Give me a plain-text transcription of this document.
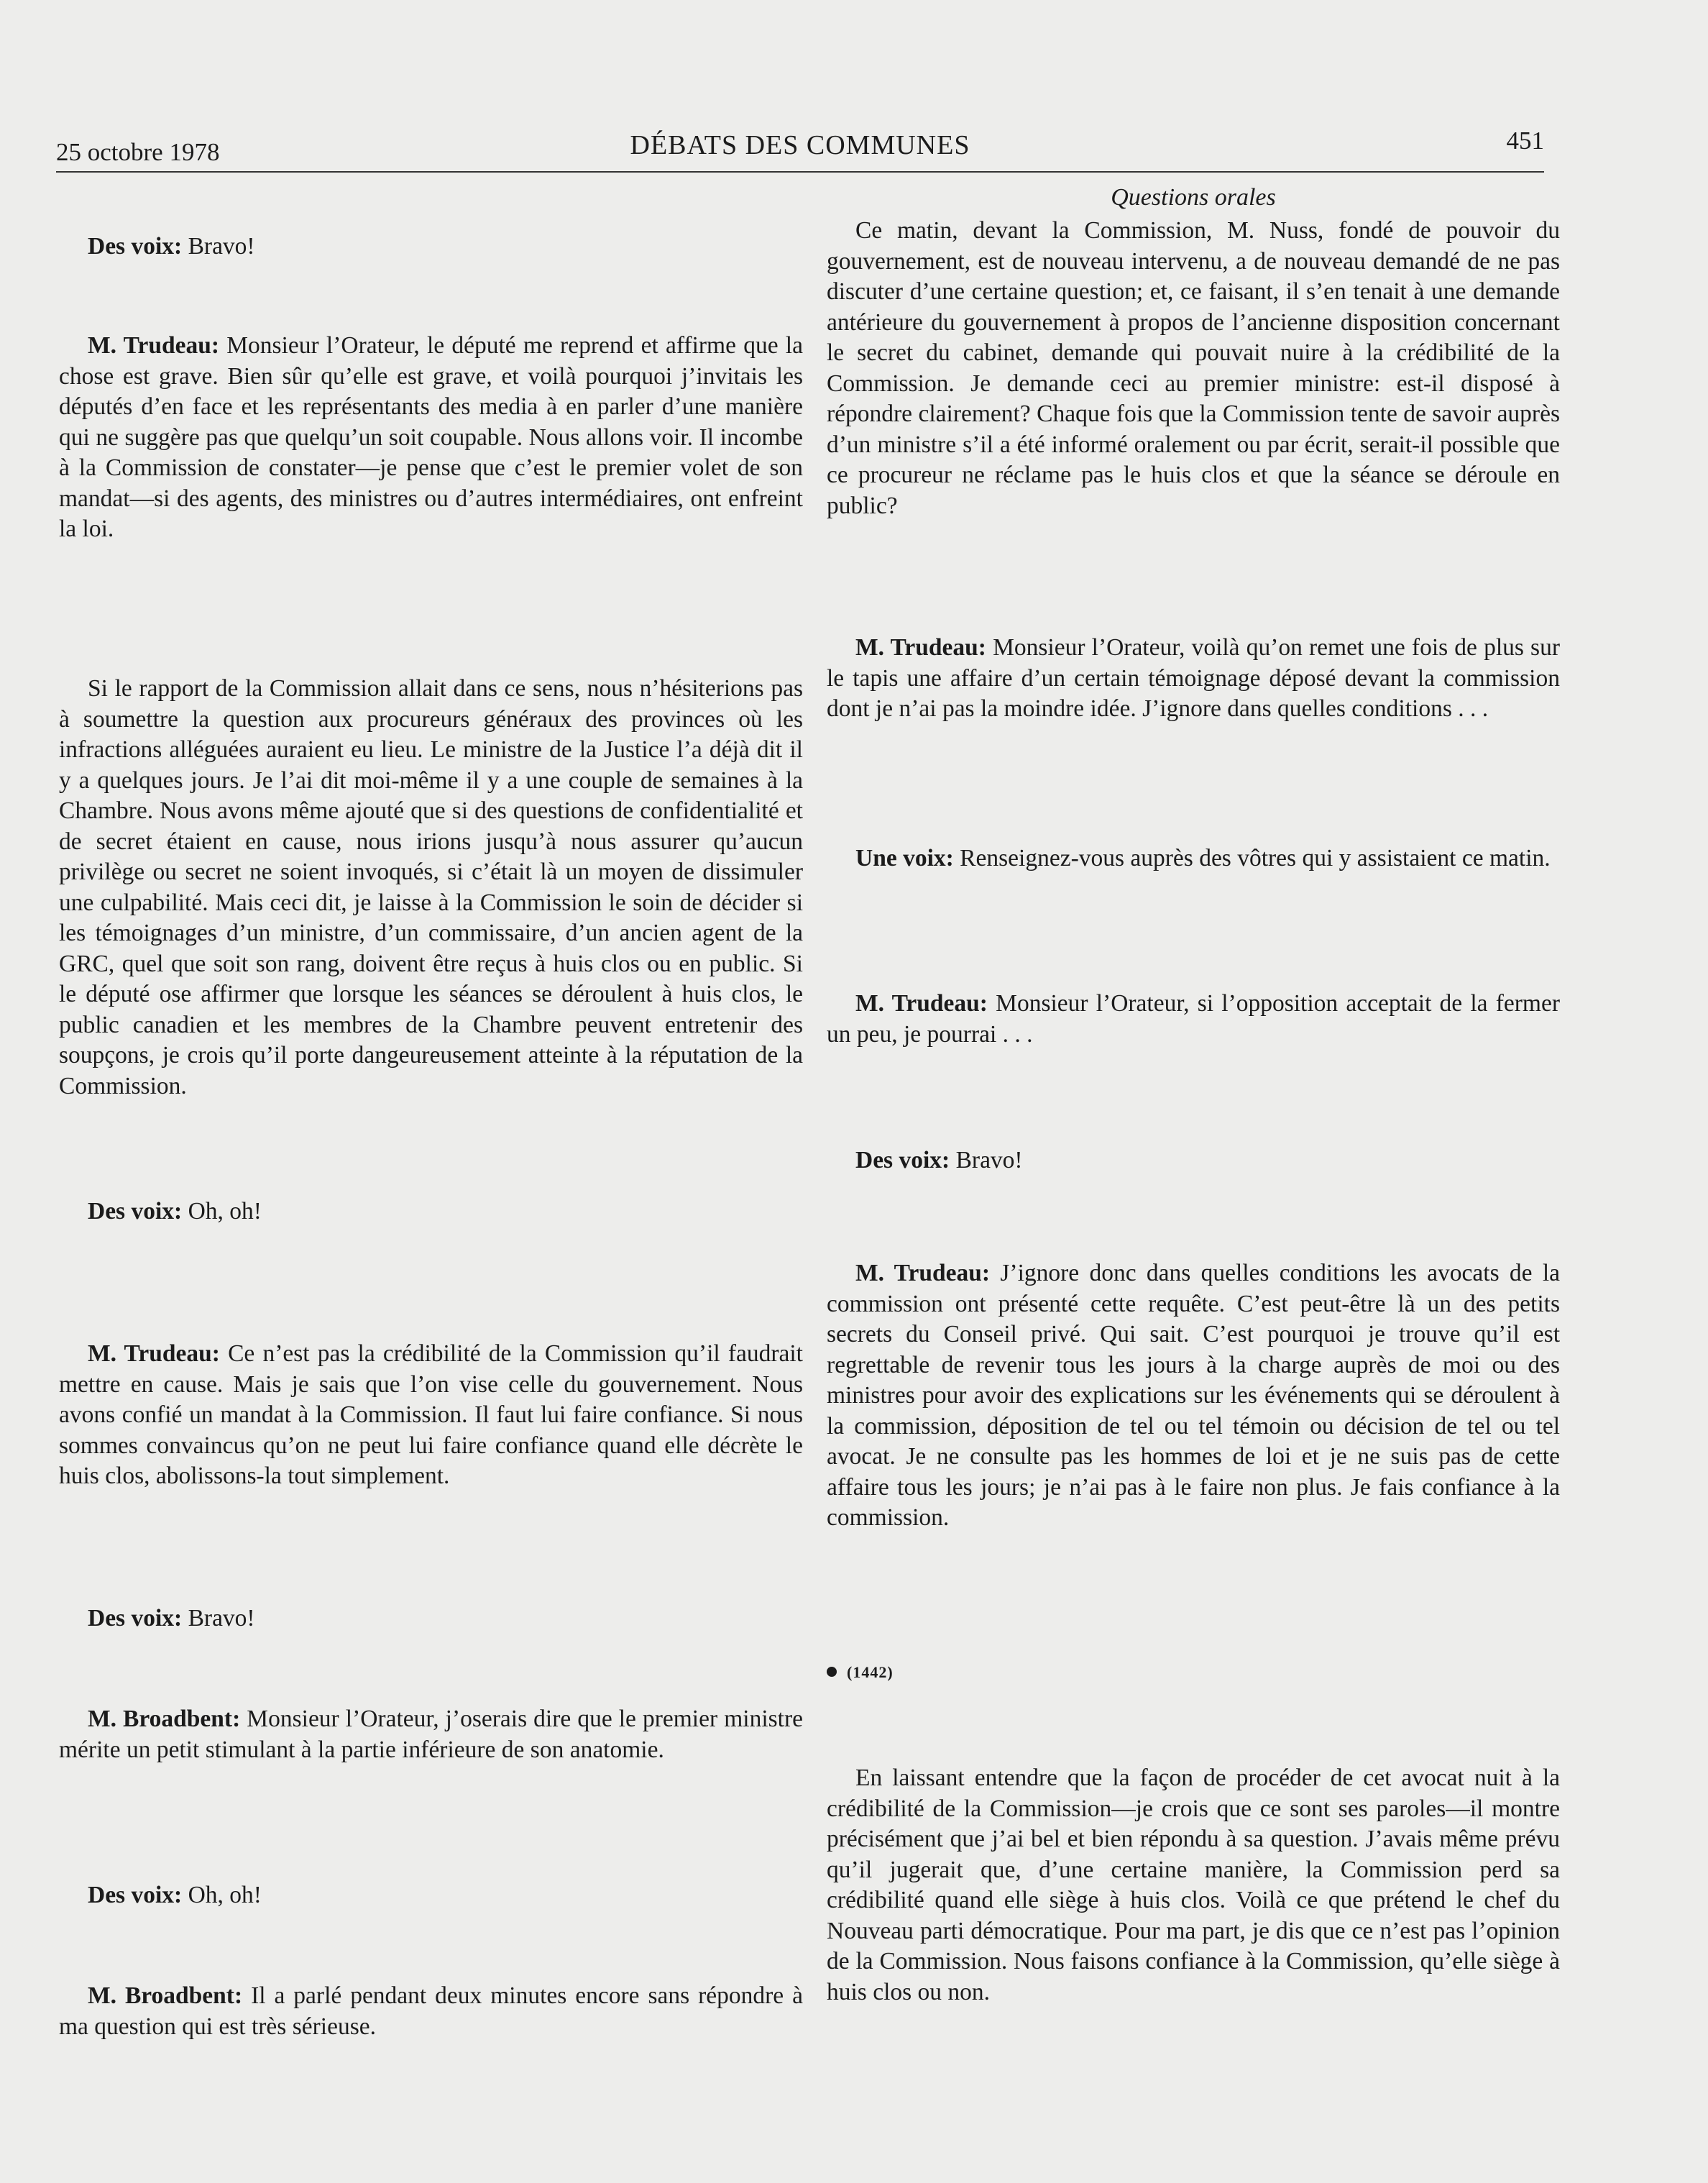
25 octobre 1978	DÉBATS DES COMMUNES	451

Des voix: Bravo!

M. Trudeau: Monsieur l’Orateur, le député me reprend et affirme que la chose est grave. Bien sûr qu’elle est grave, et voilà pourquoi j’invitais les députés d’en face et les représentants des media à en parler d’une manière qui ne suggère pas que quelqu’un soit coupable. Nous allons voir. Il incombe à la Commission de constater—je pense que c’est le premier volet de son mandat—si des agents, des ministres ou d’autres intermédiaires, ont enfreint la loi.

Si le rapport de la Commission allait dans ce sens, nous n’hésiterions pas à soumettre la question aux procureurs généraux des provinces où les infractions alléguées auraient eu lieu. Le ministre de la Justice l’a déjà dit il y a quelques jours. Je l’ai dit moi-même il y a une couple de semaines à la Chambre. Nous avons même ajouté que si des questions de confidentialité et de secret étaient en cause, nous irions jusqu’à nous assurer qu’aucun privilège ou secret ne soient invoqués, si c’était là un moyen de dissimuler une culpabilité. Mais ceci dit, je laisse à la Commission le soin de décider si les témoignages d’un ministre, d’un commissaire, d’un ancien agent de la GRC, quel que soit son rang, doivent être reçus à huis clos ou en public. Si le député ose affirmer que lorsque les séances se déroulent à huis clos, le public canadien et les membres de la Chambre peuvent entretenir des soupçons, je crois qu’il porte dangeureusement atteinte à la réputation de la Commission.

Des voix: Oh, oh!

M. Trudeau: Ce n’est pas la crédibilité de la Commission qu’il faudrait mettre en cause. Mais je sais que l’on vise celle du gouvernement. Nous avons confié un mandat à la Commission. Il faut lui faire confiance. Si nous sommes convaincus qu’on ne peut lui faire confiance quand elle décrète le huis clos, abolissons-la tout simplement.

Des voix: Bravo!

M. Broadbent: Monsieur l’Orateur, j’oserais dire que le premier ministre mérite un petit stimulant à la partie inférieure de son anatomie.

Des voix: Oh, oh!

M. Broadbent: Il a parlé pendant deux minutes encore sans répondre à ma question qui est très sérieuse.

Questions orales

Ce matin, devant la Commission, M. Nuss, fondé de pouvoir du gouvernement, est de nouveau intervenu, a de nouveau demandé de ne pas discuter d’une certaine question; et, ce faisant, il s’en tenait à une demande antérieure du gouvernement à propos de l’ancienne disposition concernant le secret du cabinet, demande qui pouvait nuire à la crédibilité de la Commission. Je demande ceci au premier ministre: est-il disposé à répondre clairement? Chaque fois que la Commission tente de savoir auprès d’un ministre s’il a été informé oralement ou par écrit, serait-il possible que ce procureur ne réclame pas le huis clos et que la séance se déroule en public?

M. Trudeau: Monsieur l’Orateur, voilà qu’on remet une fois de plus sur le tapis une affaire d’un certain témoignage déposé devant la commission dont je n’ai pas la moindre idée. J’ignore dans quelles conditions . . .

Une voix: Renseignez-vous auprès des vôtres qui y assistaient ce matin.

M. Trudeau: Monsieur l’Orateur, si l’opposition acceptait de la fermer un peu, je pourrai . . .

Des voix: Bravo!

M. Trudeau: J’ignore donc dans quelles conditions les avocats de la commission ont présenté cette requête. C’est peut-être là un des petits secrets du Conseil privé. Qui sait. C’est pourquoi je trouve qu’il est regrettable de revenir tous les jours à la charge auprès de moi ou des ministres pour avoir des explications sur les événements qui se déroulent à la commission, déposition de tel ou tel témoin ou décision de tel ou tel avocat. Je ne consulte pas les hommes de loi et je ne suis pas de cette affaire tous les jours; je n’ai pas à le faire non plus. Je fais confiance à la commission.

(1442)

En laissant entendre que la façon de procéder de cet avocat nuit à la crédibilité de la Commission—je crois que ce sont ses paroles—il montre précisément que j’ai bel et bien répondu à sa question. J’avais même prévu qu’il jugerait que, d’une certaine manière, la Commission perd sa crédibilité quand elle siège à huis clos. Voilà ce que prétend le chef du Nouveau parti démocratique. Pour ma part, je dis que ce n’est pas l’opinion de la Commission. Nous faisons confiance à la Commission, qu’elle siège à huis clos ou non.
